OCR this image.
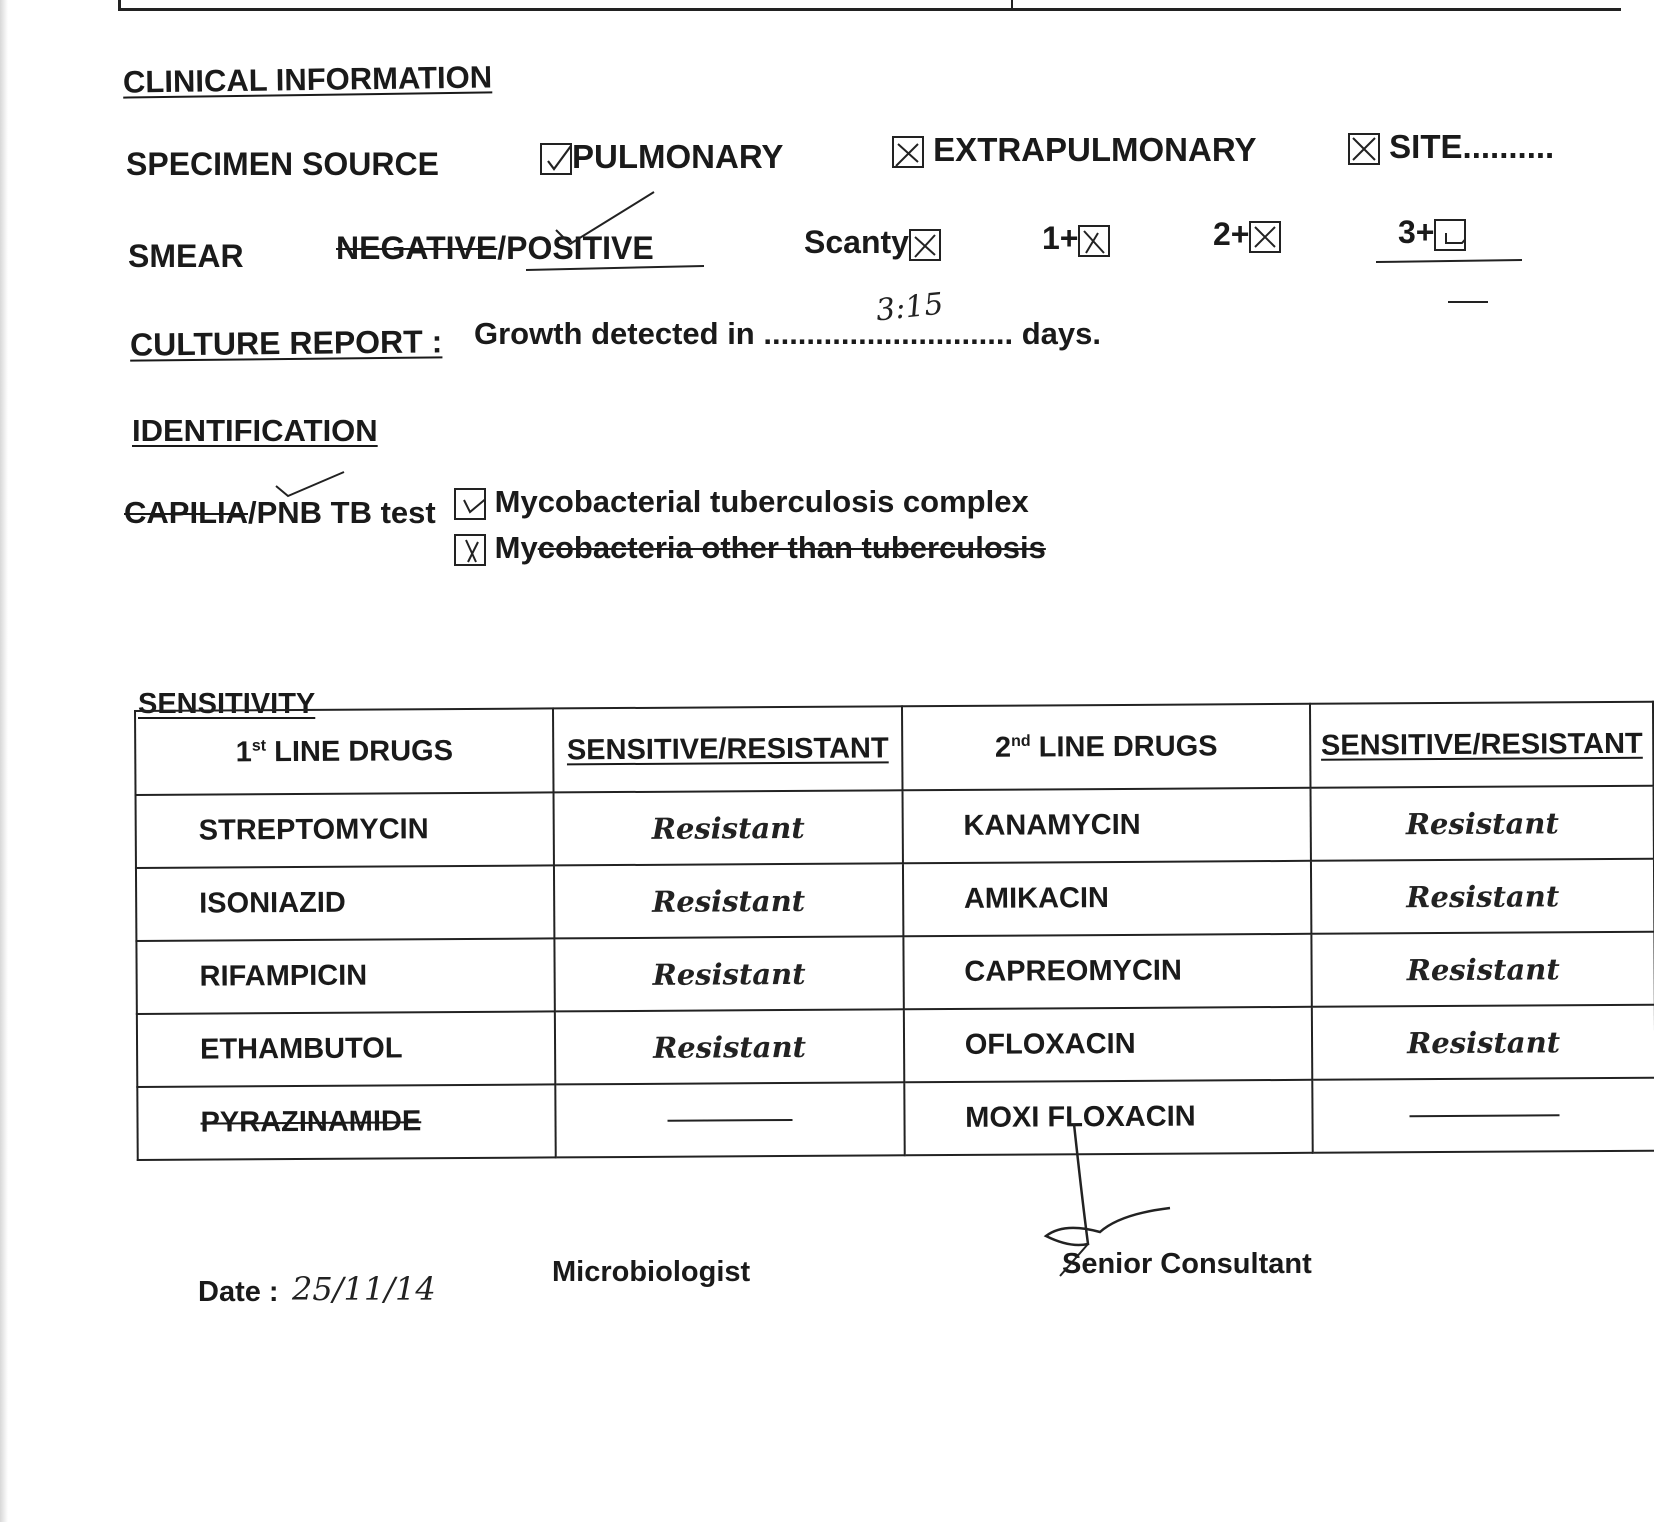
CLINICAL INFORMATION
SPECIMEN SOURCE	PULMONARY	EXTRAPULMONARY	SITE..........
SMEAR	NEGATIVE/POSITIVE	Scanty	1+	2+	3+
CULTURE REPORT : Growth detected in ............................. days.
3:15
IDENTIFICATION
CAPILIA/PNB TB test	Mycobacterial tuberculosis complex
Mycobacteria other than tuberculosis
SENSITIVITY
1st LINE DRUGS	SENSITIVE/RESISTANT	2nd LINE DRUGS	SENSITIVE/RESISTANT
STREPTOMYCIN	Resistant	KANAMYCIN	Resistant
ISONIAZID	Resistant	AMIKACIN	Resistant
RIFAMPICIN	Resistant	CAPREOMYCIN	Resistant
ETHAMBUTOL	Resistant	OFLOXACIN	Resistant
PYRAZINAMIDE		MOXI FLOXACIN	
Date : 25/11/14	Microbiologist	Senior Consultant
